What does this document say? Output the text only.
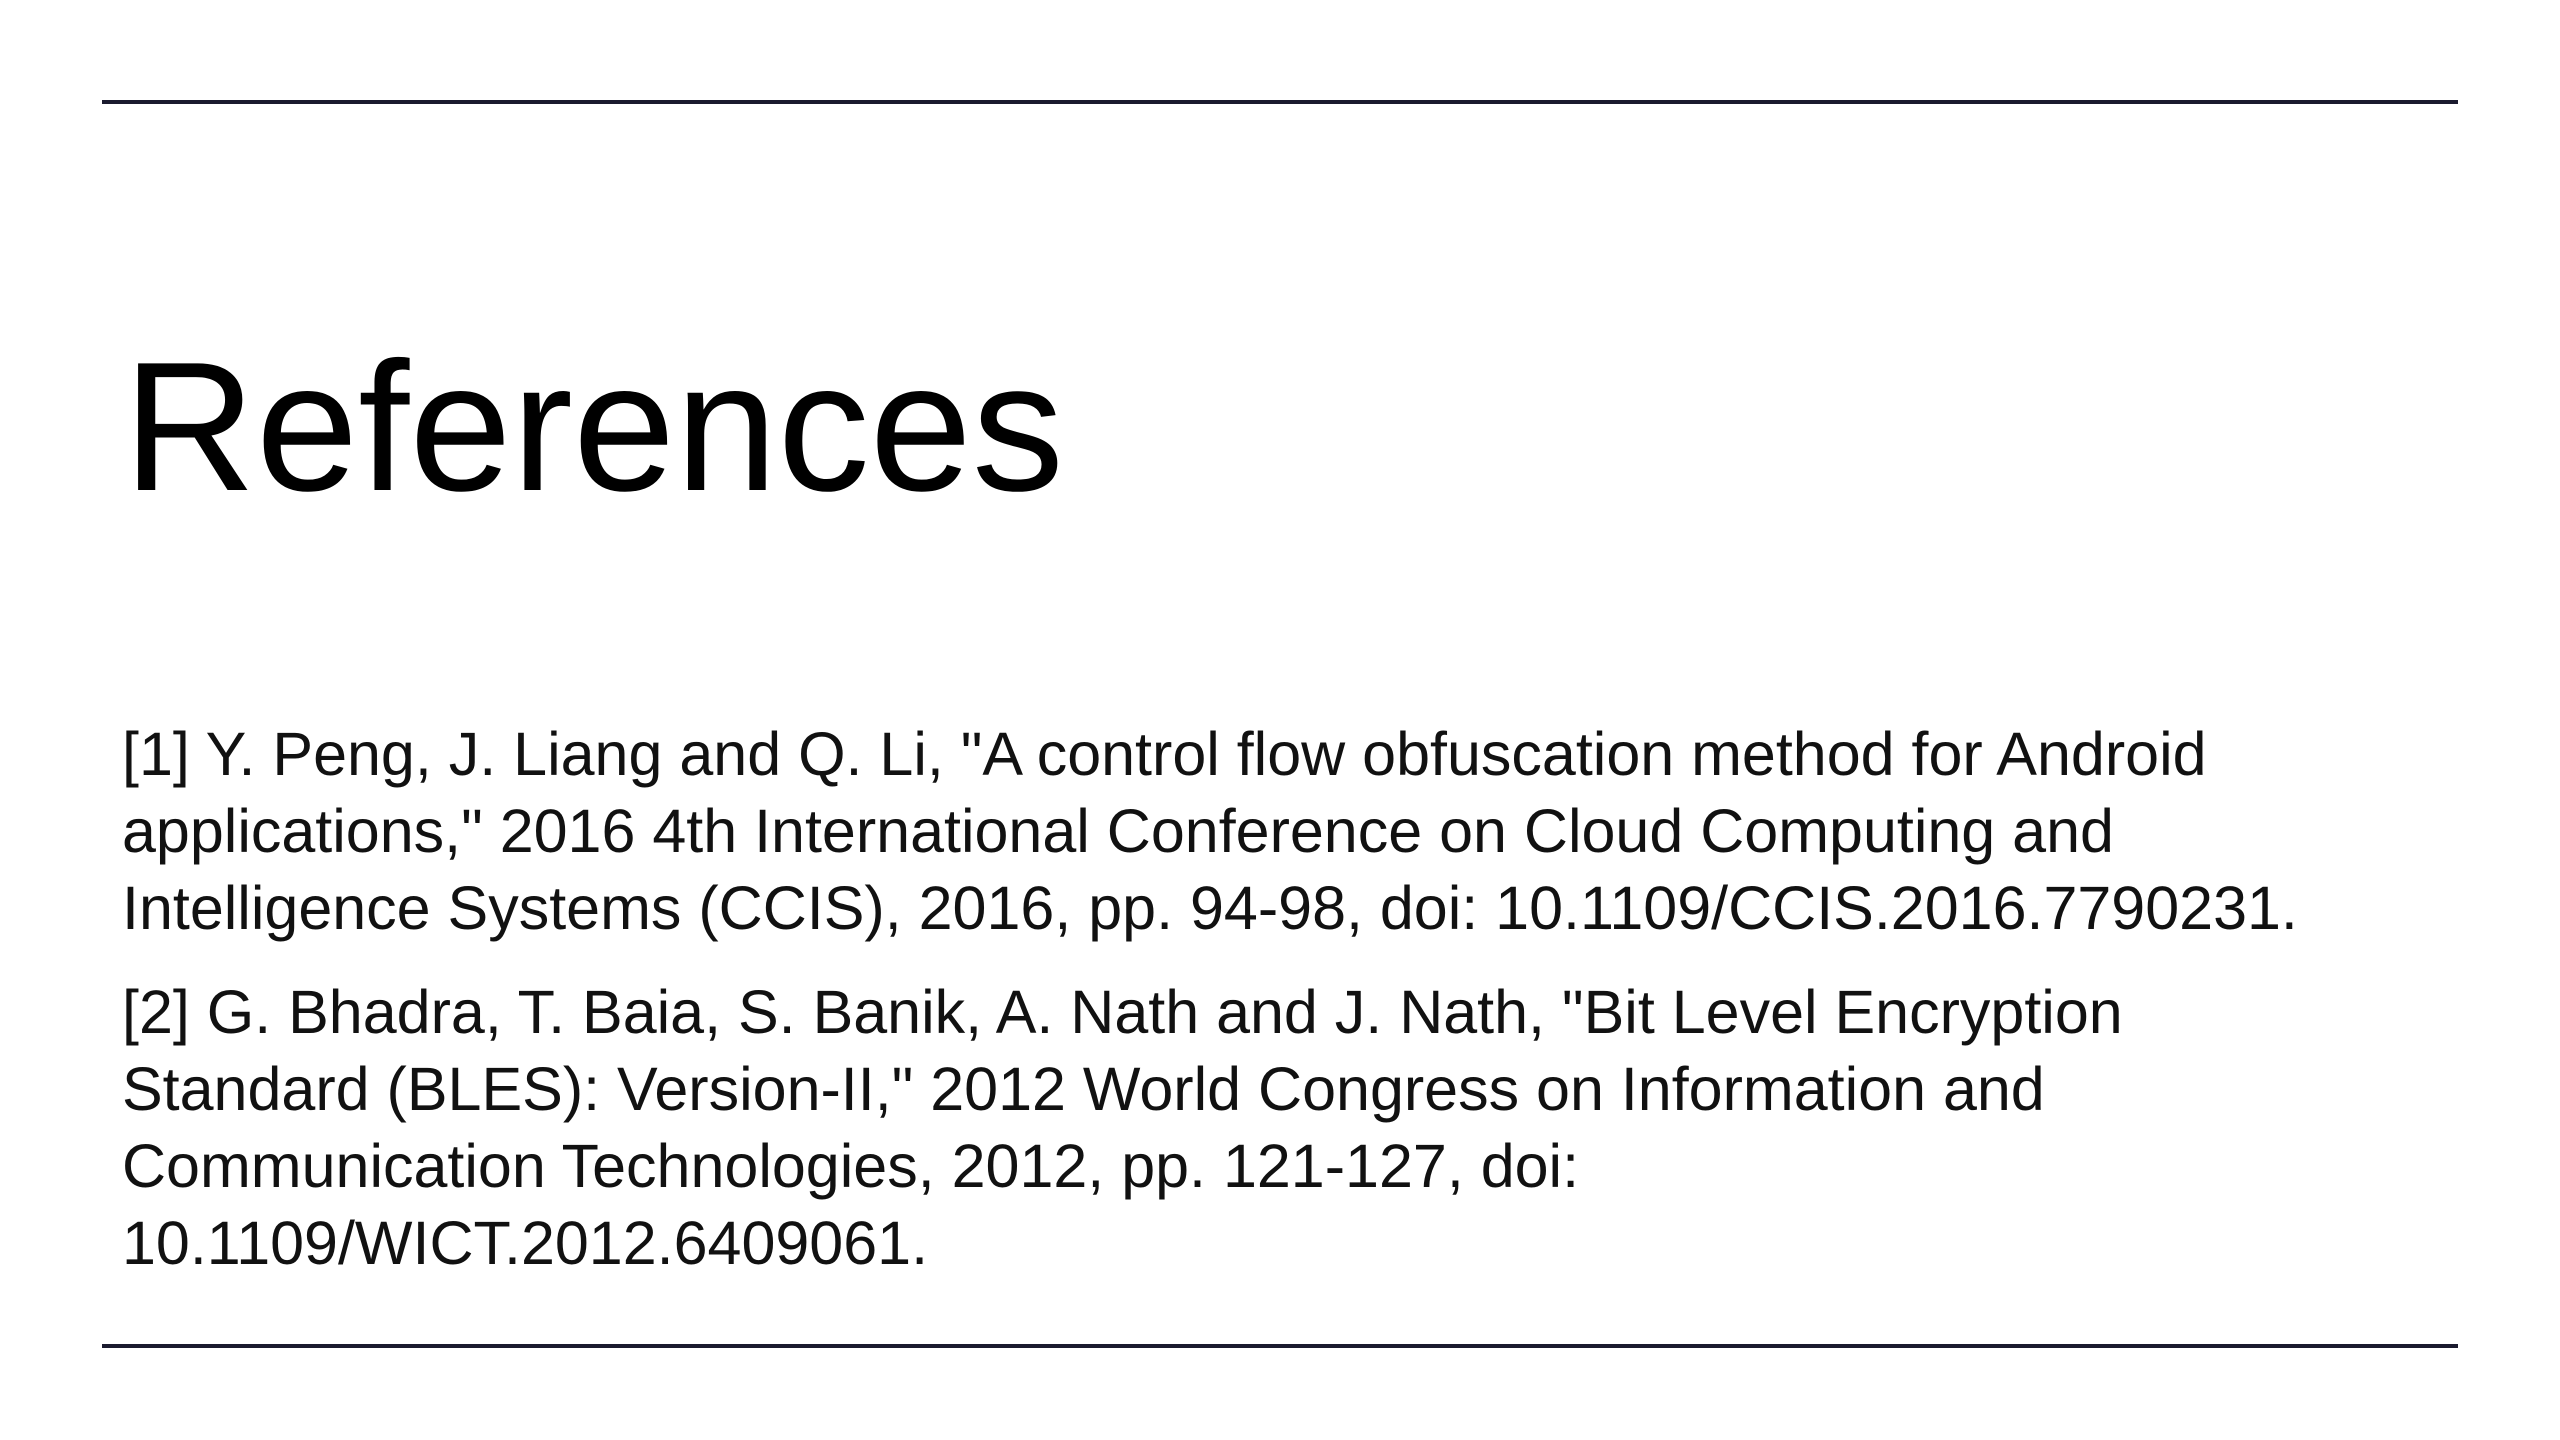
References
[1] Y. Peng, J. Liang and Q. Li, "A control flow obfuscation method for Android applications," 2016 4th International Conference on Cloud Computing and Intelligence Systems (CCIS), 2016, pp. 94-98, doi: 10.1109/CCIS.2016.7790231.
[2] G. Bhadra, T. Baia, S. Banik, A. Nath and J. Nath, "Bit Level Encryption Standard (BLES): Version-II," 2012 World Congress on Information and Communication Technologies, 2012, pp. 121-127, doi: 10.1109/WICT.2012.6409061.
